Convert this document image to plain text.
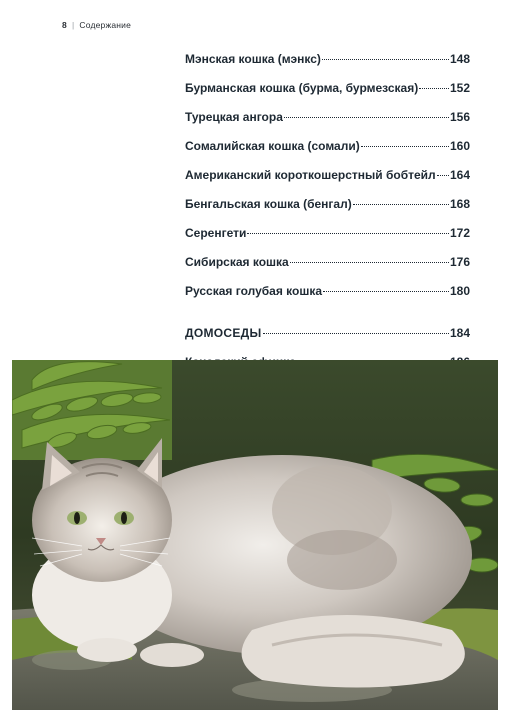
8 | Содержание
Мэнская кошка (мэнкс)	148
Бурманская кошка (бурма, бурмезская)	152
Турецкая ангора	156
Сомалийская кошка (сомали)	160
Американский короткошерстный бобтейл 164
Бенгальская кошка (бенгал)	168
Серенгети	172
Сибирская кошка	176
Русская голубая кошка	180
ДОМОСЕДЫ	184
